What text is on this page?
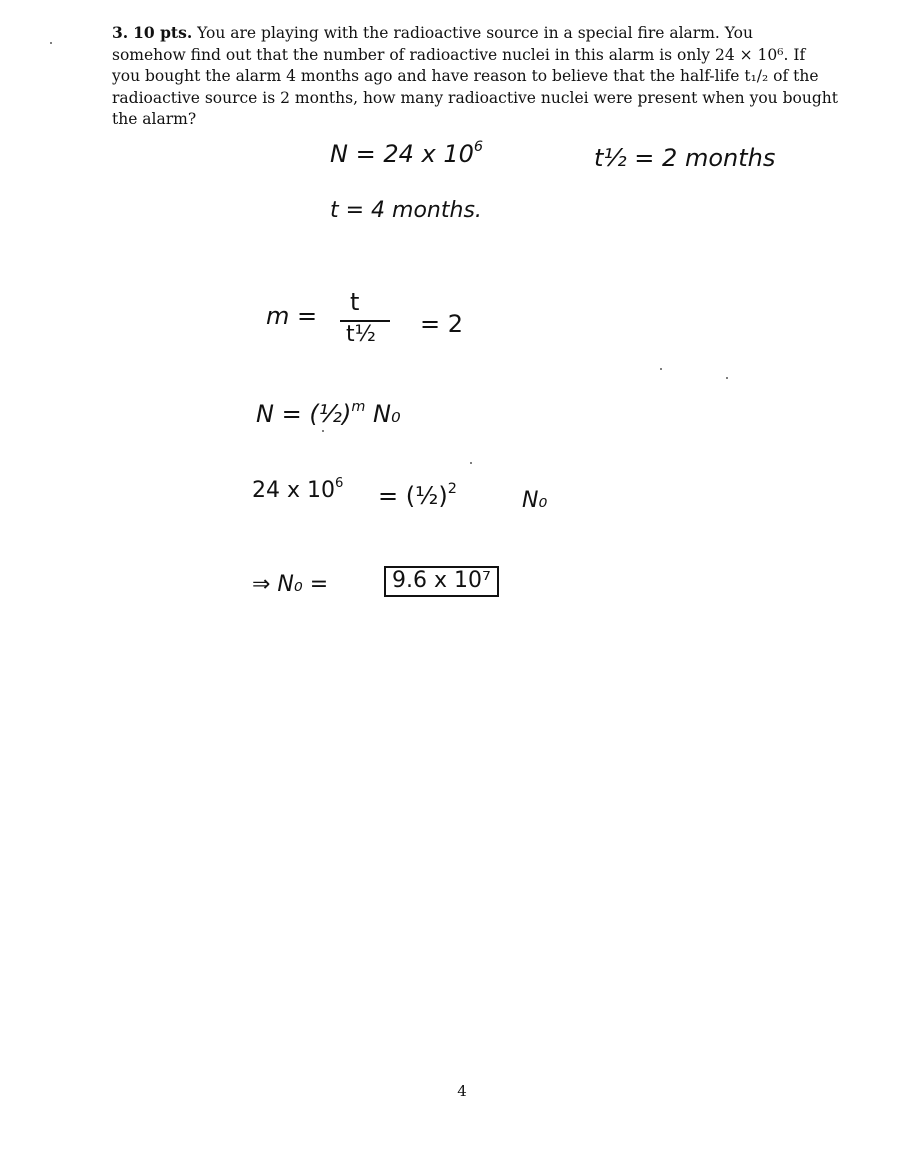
3. 10 pts. You are playing with the radioactive source in a special fire alarm. You
somehow find out that the number of radioactive nuclei in this alarm is only 24 × 10⁶. If
you bought the alarm 4 months ago and have reason to believe that the half-life t₁/₂ of the
radioactive source is 2 months, how many radioactive nuclei were present when you bought
the alarm?
N = 24 x $10^6$	t½ = 2 months
t = 4 months.
m = t
t½ = 2
N = (½)$^m$ N₀
24 x $10^6$ = (½)$^2$	N₀
⇒ N₀ =	9.6 x 10⁷
4
